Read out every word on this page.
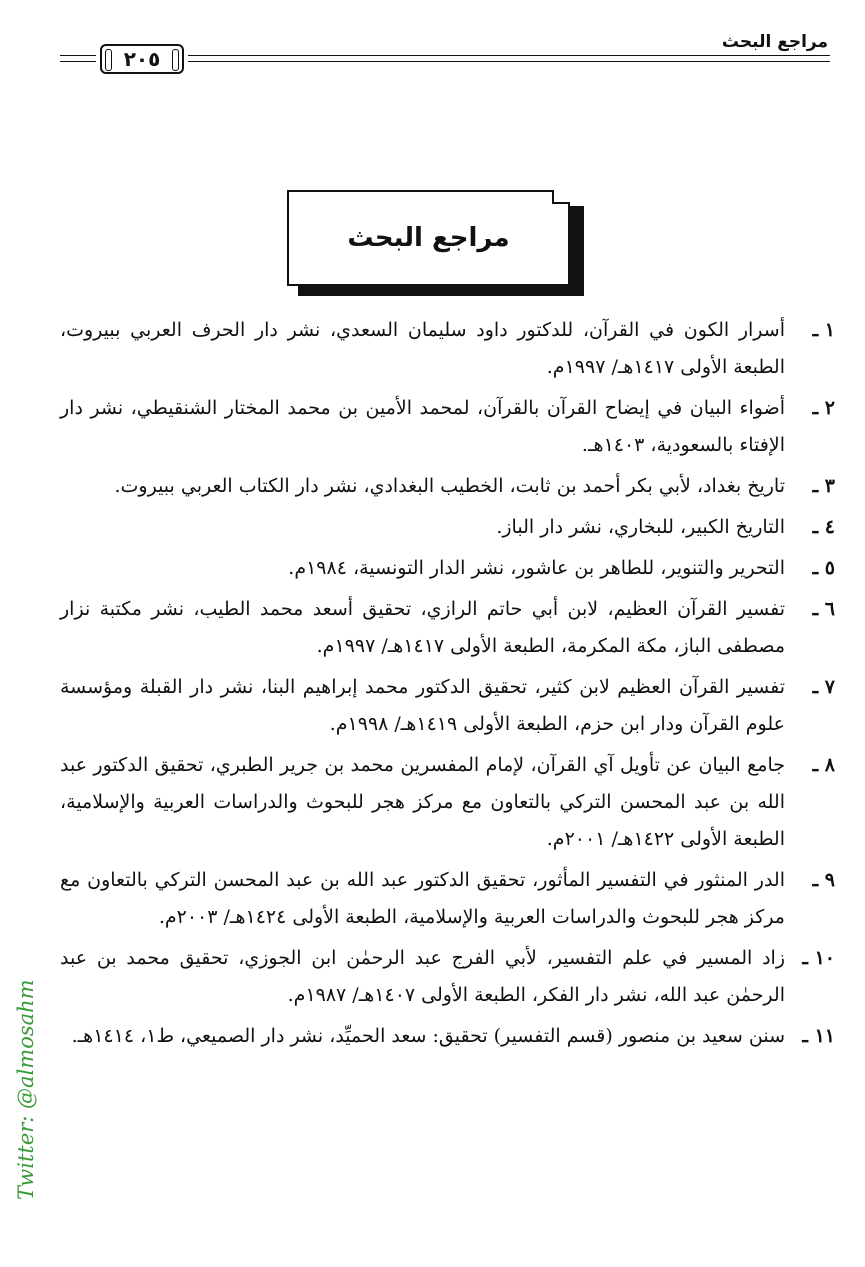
مراجع البحث
٢٠٥
مراجع البحث
١ ـ
أسرار الكون في القرآن، للدكتور داود سليمان السعدي، نشر دار الحرف العربي ببيروت، الطبعة الأولى ١٤١٧هـ/ ١٩٩٧م.
٢ ـ
أضواء البيان في إيضاح القرآن بالقرآن، لمحمد الأمين بن محمد المختار الشنقيطي، نشر دار الإفتاء بالسعودية، ١٤٠٣هـ.
٣ ـ
تاريخ بغداد، لأبي بكر أحمد بن ثابت، الخطيب البغدادي، نشر دار الكتاب العربي ببيروت.
٤ ـ
التاريخ الكبير، للبخاري، نشر دار الباز.
٥ ـ
التحرير والتنوير، للطاهر بن عاشور، نشر الدار التونسية، ١٩٨٤م.
٦ ـ
تفسير القرآن العظيم، لابن أبي حاتم الرازي، تحقيق أسعد محمد الطيب، نشر مكتبة نزار مصطفى الباز، مكة المكرمة، الطبعة الأولى ١٤١٧هـ/ ١٩٩٧م.
٧ ـ
تفسير القرآن العظيم لابن كثير، تحقيق الدكتور محمد إبراهيم البنا، نشر دار القبلة ومؤسسة علوم القرآن ودار ابن حزم، الطبعة الأولى ١٤١٩هـ/ ١٩٩٨م.
٨ ـ
جامع البيان عن تأويل آي القرآن، لإمام المفسرين محمد بن جرير الطبري، تحقيق الدكتور عبد الله بن عبد المحسن التركي بالتعاون مع مركز هجر للبحوث والدراسات العربية والإسلامية، الطبعة الأولى ١٤٢٢هـ/ ٢٠٠١م.
٩ ـ
الدر المنثور في التفسير المأثور، تحقيق الدكتور عبد الله بن عبد المحسن التركي بالتعاون مع مركز هجر للبحوث والدراسات العربية والإسلامية، الطبعة الأولى ١٤٢٤هـ/ ٢٠٠٣م.
١٠ ـ
زاد المسير في علم التفسير، لأبي الفرج عبد الرحمٰن ابن الجوزي، تحقيق محمد بن عبد الرحمٰن عبد الله، نشر دار الفكر، الطبعة الأولى ١٤٠٧هـ/ ١٩٨٧م.
١١ ـ
سنن سعيد بن منصور (قسم التفسير) تحقيق: سعد الحميِّد، نشر دار الصميعي، ط١، ١٤١٤هـ.
Twitter: @almosahm
